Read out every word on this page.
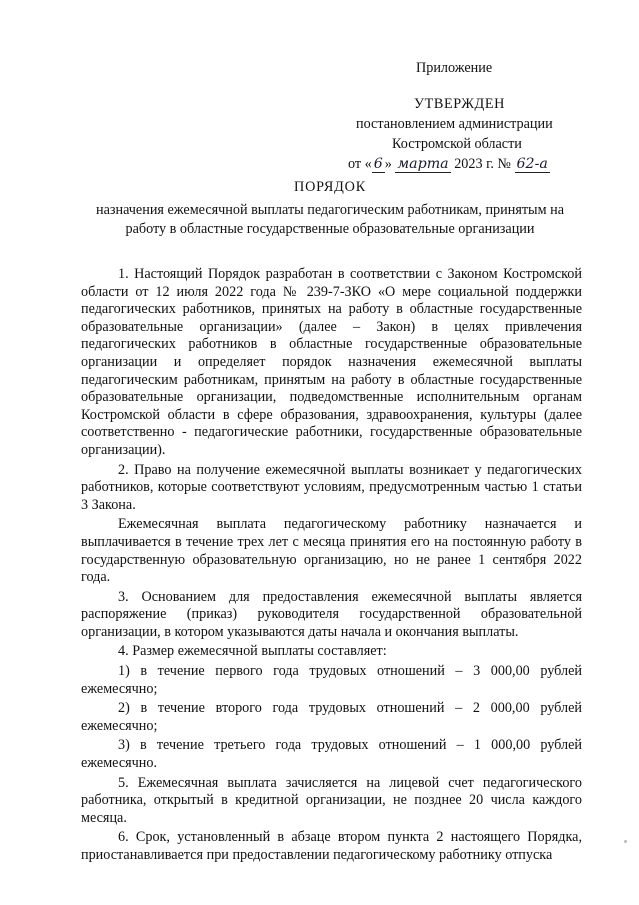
Приложение
УТВЕРЖДЕН
постановлением администрации
Костромской области
от « 6 » марта 2023 г. № 62-а
ПОРЯДОК
назначения ежемесячной выплаты педагогическим работникам, принятым на работу в областные государственные образовательные организации

1. Настоящий Порядок разработан в соответствии с Законом Костромской области от 12 июля 2022 года № 239-7-ЗКО «О мере социальной поддержки педагогических работников, принятых на работу в областные государственные образовательные организации» (далее – Закон) в целях привлечения педагогических работников в областные государственные образовательные организации и определяет порядок назначения ежемесячной выплаты педагогическим работникам, принятым на работу в областные государственные образовательные организации, подведомственные исполнительным органам Костромской области в сфере образования, здравоохранения, культуры (далее соответственно - педагогические работники, государственные образовательные организации).

2. Право на получение ежемесячной выплаты возникает у педагогических работников, которые соответствуют условиям, предусмотренным частью 1 статьи 3 Закона.

Ежемесячная выплата педагогическому работнику назначается и выплачивается в течение трех лет с месяца принятия его на постоянную работу в государственную образовательную организацию, но не ранее 1 сентября 2022 года.

3. Основанием для предоставления ежемесячной выплаты является распоряжение (приказ) руководителя государственной образовательной организации, в котором указываются даты начала и окончания выплаты.

4. Размер ежемесячной выплаты составляет:

1) в течение первого года трудовых отношений – 3 000,00 рублей ежемесячно;

2) в течение второго года трудовых отношений – 2 000,00 рублей ежемесячно;

3) в течение третьего года трудовых отношений – 1 000,00 рублей ежемесячно.

5. Ежемесячная выплата зачисляется на лицевой счет педагогического работника, открытый в кредитной организации, не позднее 20 числа каждого месяца.

6. Срок, установленный в абзаце втором пункта 2 настоящего Порядка, приостанавливается при предоставлении педагогическому работнику отпуска
